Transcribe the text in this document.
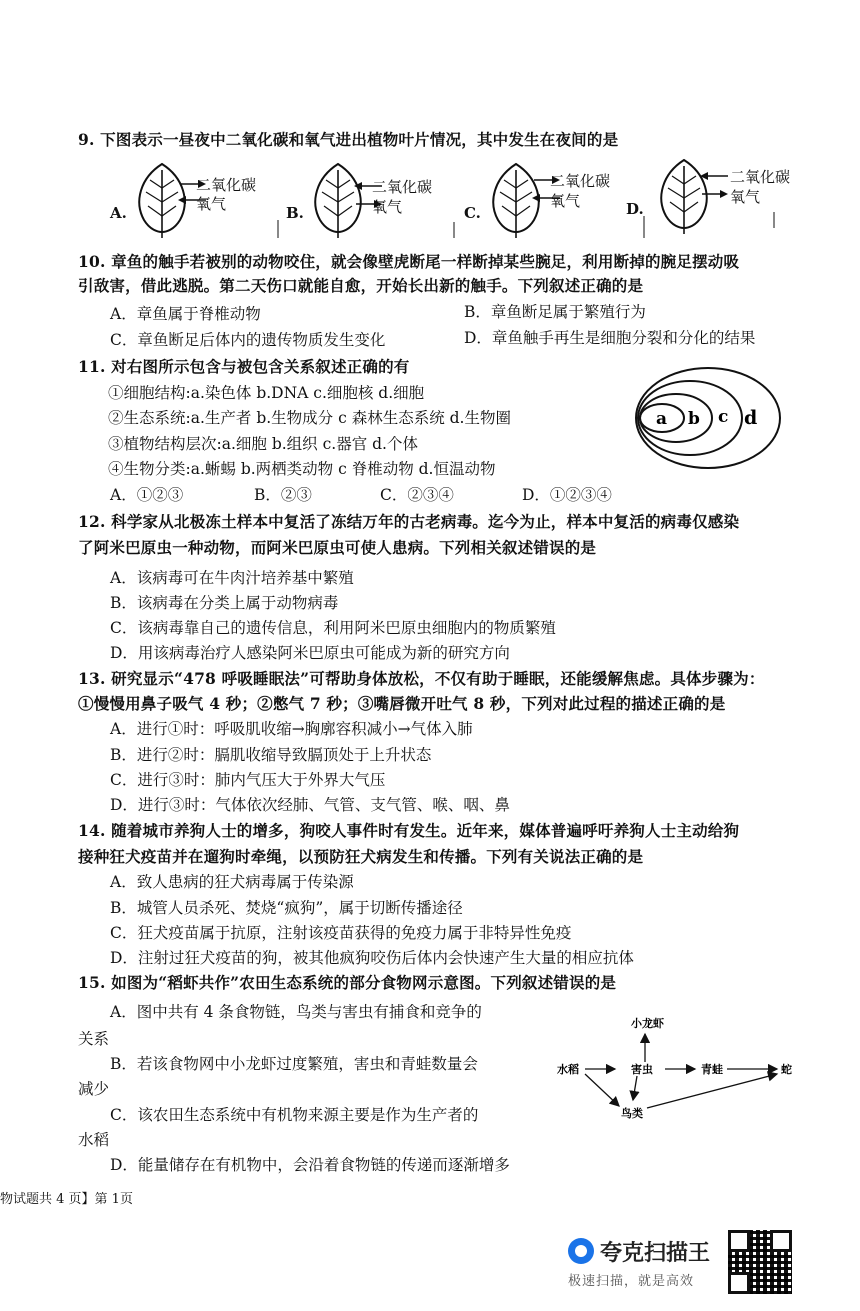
9. 下图表示一昼夜中二氧化碳和氧气进出植物叶片情况，其中发生在夜间的是
A.
二氧化碳
氧气	B.
二氧化碳
氧气	C.
二氧化碳
氧气	D.
二氧化碳
氧气
10. 章鱼的触手若被别的动物咬住，就会像壁虎断尾一样断掉某些腕足，利用断掉的腕足摆动吸
引敌害，借此逃脱。第二天伤口就能自愈，开始长出新的触手。下列叙述正确的是
A．章鱼属于脊椎动物	B．章鱼断足属于繁殖行为
C．章鱼断足后体内的遗传物质发生变化	D．章鱼触手再生是细胞分裂和分化的结果
11. 对右图所示包含与被包含关系叙述正确的有
①细胞结构:a.染色体 b.DNA c.细胞核 d.细胞
②生态系统:a.生产者 b.生物成分 c 森林生态系统 d.生物圈
③植物结构层次:a.细胞 b.组织 c.器官 d.个体
④生物分类:a.蜥蜴 b.两栖类动物 c 脊椎动物 d.恒温动物
A．①②③	B．②③	C．②③④	D．①②③④
a b c d
12. 科学家从北极冻土样本中复活了冻结万年的古老病毒。迄今为止，样本中复活的病毒仅感染
了阿米巴原虫一种动物，而阿米巴原虫可使人患病。下列相关叙述错误的是
A．该病毒可在牛肉汁培养基中繁殖
B．该病毒在分类上属于动物病毒
C．该病毒靠自己的遗传信息，利用阿米巴原虫细胞内的物质繁殖
D．用该病毒治疗人感染阿米巴原虫可能成为新的研究方向
13. 研究显示“478 呼吸睡眠法”可帮助身体放松，不仅有助于睡眠，还能缓解焦虑。具体步骤为：
①慢慢用鼻子吸气 4 秒；②憋气 7 秒；③嘴唇微开吐气 8 秒，下列对此过程的描述正确的是
A．进行①时：呼吸肌收缩→胸廓容积减小→气体入肺
B．进行②时：膈肌收缩导致膈顶处于上升状态
C．进行③时：肺内气压大于外界大气压
D．进行③时：气体依次经肺、气管、支气管、喉、咽、鼻
14. 随着城市养狗人士的增多，狗咬人事件时有发生。近年来，媒体普遍呼吁养狗人士主动给狗
接种狂犬疫苗并在遛狗时牵绳，以预防狂犬病发生和传播。下列有关说法正确的是
A．致人患病的狂犬病毒属于传染源
B．城管人员杀死、焚烧“疯狗”，属于切断传播途径
C．狂犬疫苗属于抗原，注射该疫苗获得的免疫力属于非特异性免疫
D．注射过狂犬疫苗的狗，被其他疯狗咬伤后体内会快速产生大量的相应抗体
15. 如图为“稻虾共作”农田生态系统的部分食物网示意图。下列叙述错误的是
A．图中共有 4 条食物链，鸟类与害虫有捕食和竞争的
关系
B．若该食物网中小龙虾过度繁殖，害虫和青蛙数量会
减少
C．该农田生态系统中有机物来源主要是作为生产者的
水稻
D．能量储存在有机物中，会沿着食物链的传递而逐渐增多
水稻
小龙虾
害虫	青蛙	蛇
鸟类
物试题共 4 页】第 1页
夸克扫描王
极速扫描，就是高效
